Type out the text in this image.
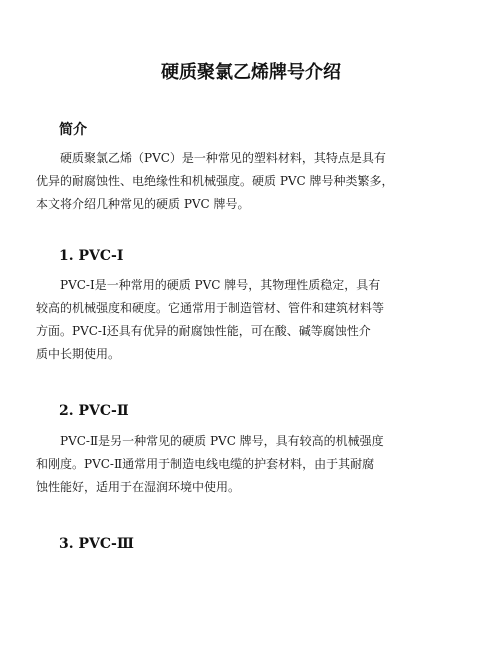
硬质聚氯乙烯牌号介绍
简介
硬质聚氯乙烯（PVC）是一种常见的塑料材料，其特点是具有
优异的耐腐蚀性、电绝缘性和机械强度。硬质 PVC 牌号种类繁多，
本文将介绍几种常见的硬质 PVC 牌号。
1. PVC-Ⅰ
PVC-Ⅰ是一种常用的硬质 PVC 牌号，其物理性质稳定，具有
较高的机械强度和硬度。它通常用于制造管材、管件和建筑材料等
方面。PVC-Ⅰ还具有优异的耐腐蚀性能，可在酸、碱等腐蚀性介
质中长期使用。
2. PVC-Ⅱ
PVC-Ⅱ是另一种常见的硬质 PVC 牌号，具有较高的机械强度
和刚度。PVC-Ⅱ通常用于制造电线电缆的护套材料，由于其耐腐
蚀性能好，适用于在湿润环境中使用。
3. PVC-Ⅲ
